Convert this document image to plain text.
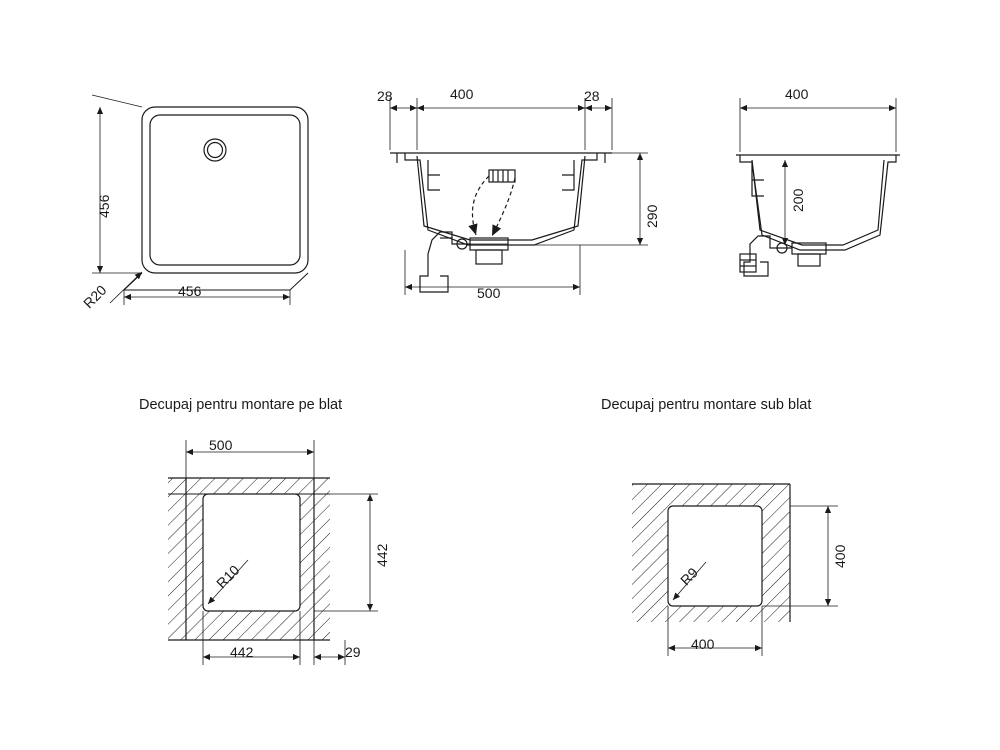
456
456
R20
28	400	28
290
500
400
200
Decupaj pentru montare pe blat	Decupaj pentru montare sub blat
500
442
442	29
R10
400
400
R9
